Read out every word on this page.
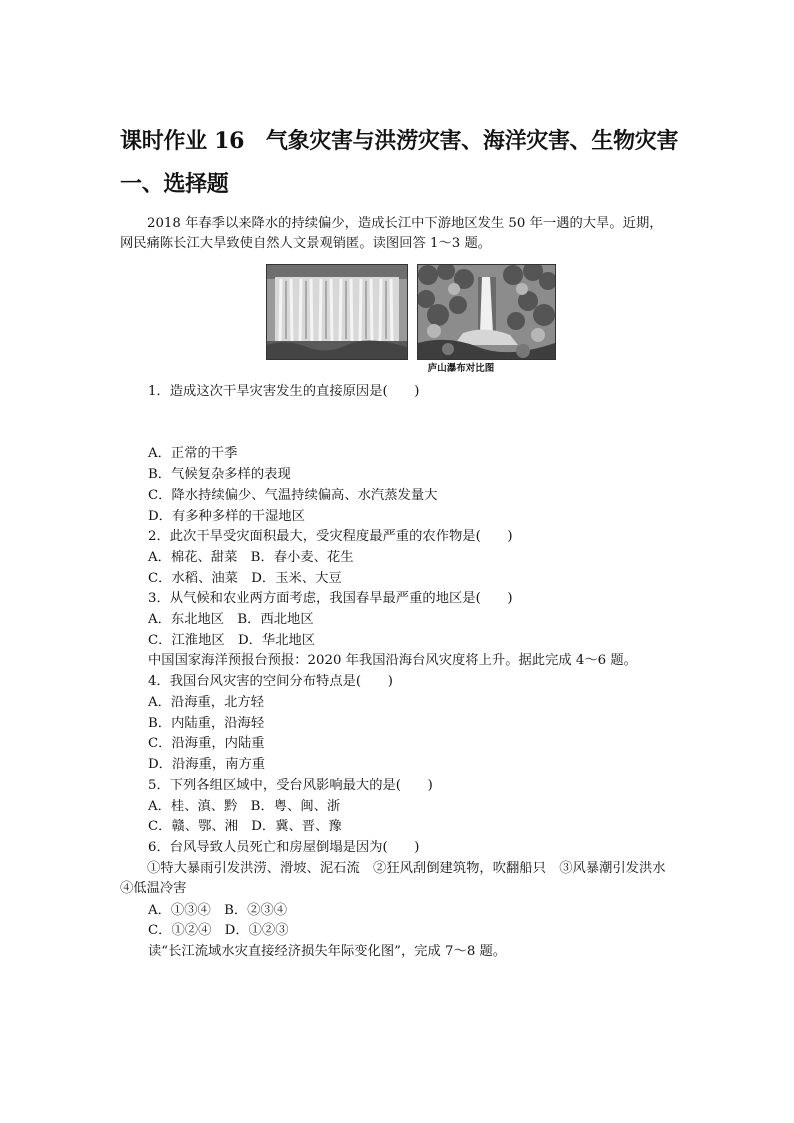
课时作业 16　气象灾害与洪涝灾害、海洋灾害、生物灾害一、选择题

2018 年春季以来降水的持续偏少，造成长江中下游地区发生 50 年一遇的大旱。近期，网民痛陈长江大旱致使自然人文景观销匿。读图回答 1～3 题。

庐山瀑布对比图

1．造成这次干旱灾害发生的直接原因是(　　)

A．正常的干季

B．气候复杂多样的表现

C．降水持续偏少、气温持续偏高、水汽蒸发量大

D．有多种多样的干湿地区

2．此次干旱受灾面积最大，受灾程度最严重的农作物是(　　)

A．棉花、甜菜　B．春小麦、花生

C．水稻、油菜　D．玉米、大豆

3．从气候和农业两方面考虑，我国春旱最严重的地区是(　　)

A．东北地区　B．西北地区

C．江淮地区　D．华北地区

中国国家海洋预报台预报：2020 年我国沿海台风灾度将上升。据此完成 4～6 题。

4．我国台风灾害的空间分布特点是(　　)

A．沿海重，北方轻

B．内陆重，沿海轻

C．沿海重，内陆重

D．沿海重，南方重

5．下列各组区域中，受台风影响最大的是(　　)

A．桂、滇、黔　B．粤、闽、浙

C．赣、鄂、湘　D．冀、晋、豫

6．台风导致人员死亡和房屋倒塌是因为(　　)

①特大暴雨引发洪涝、滑坡、泥石流　②狂风刮倒建筑物，吹翻船只　③风暴潮引发洪水　④低温冷害

A．①③④　B．②③④

C．①②④　D．①②③

读“长江流域水灾直接经济损失年际变化图”，完成 7～8 题。
